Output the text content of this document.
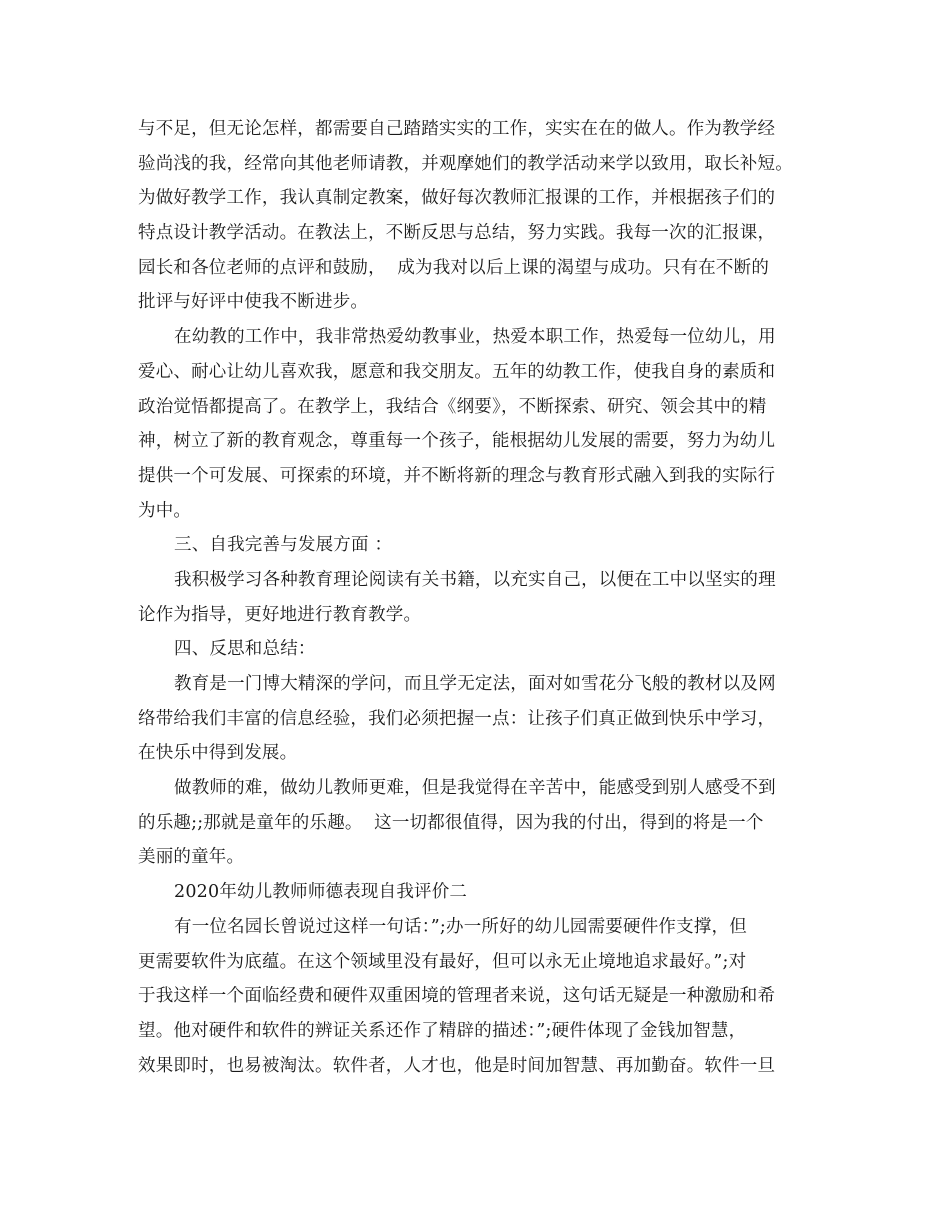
与不足，但无论怎样，都需要自己踏踏实实的工作，实实在在的做人。作为教学经
验尚浅的我，经常向其他老师请教，并观摩她们的教学活动来学以致用，取长补短。
为做好教学工作，我认真制定教案，做好每次教师汇报课的工作，并根据孩子们的
特点设计教学活动。在教法上，不断反思与总结，努力实践。我每一次的汇报课，
园长和各位老师的点评和鼓励，  成为我对以后上课的渴望与成功。只有在不断的
批评与好评中使我不断进步。
在幼教的工作中，我非常热爱幼教事业，热爱本职工作，热爱每一位幼儿，用
爱心、耐心让幼儿喜欢我，愿意和我交朋友。五年的幼教工作，使我自身的素质和
政治觉悟都提高了。在教学上，我结合《纲要》，不断探索、研究、领会其中的精
神，树立了新的教育观念，尊重每一个孩子，能根据幼儿发展的需要，努力为幼儿
提供一个可发展、可探索的环境，并不断将新的理念与教育形式融入到我的实际行
为中。
三、自我完善与发展方面 ：
我积极学习各种教育理论阅读有关书籍，以充实自己，以便在工中以坚实的理
论作为指导，更好地进行教育教学。
四、反思和总结：
教育是一门博大精深的学问，而且学无定法，面对如雪花分飞般的教材以及网
络带给我们丰富的信息经验，我们必须把握一点：让孩子们真正做到快乐中学习，
在快乐中得到发展。
做教师的难，做幼儿教师更难，但是我觉得在辛苦中，能感受到别人感受不到
的乐趣;;那就是童年的乐趣。  这一切都很值得，因为我的付出，得到的将是一个
美丽的童年。
2020年幼儿教师师德表现自我评价二
有一位名园长曾说过这样一句话：”;办一所好的幼儿园需要硬件作支撑，但
更需要软件为底蕴。在这个领域里没有最好，但可以永无止境地追求最好。”;对
于我这样一个面临经费和硬件双重困境的管理者来说，这句话无疑是一种激励和希
望。他对硬件和软件的辨证关系还作了精辟的描述：”;硬件体现了金钱加智慧，
效果即时，也易被淘汰。软件者，人才也，他是时间加智慧、再加勤奋。软件一旦
